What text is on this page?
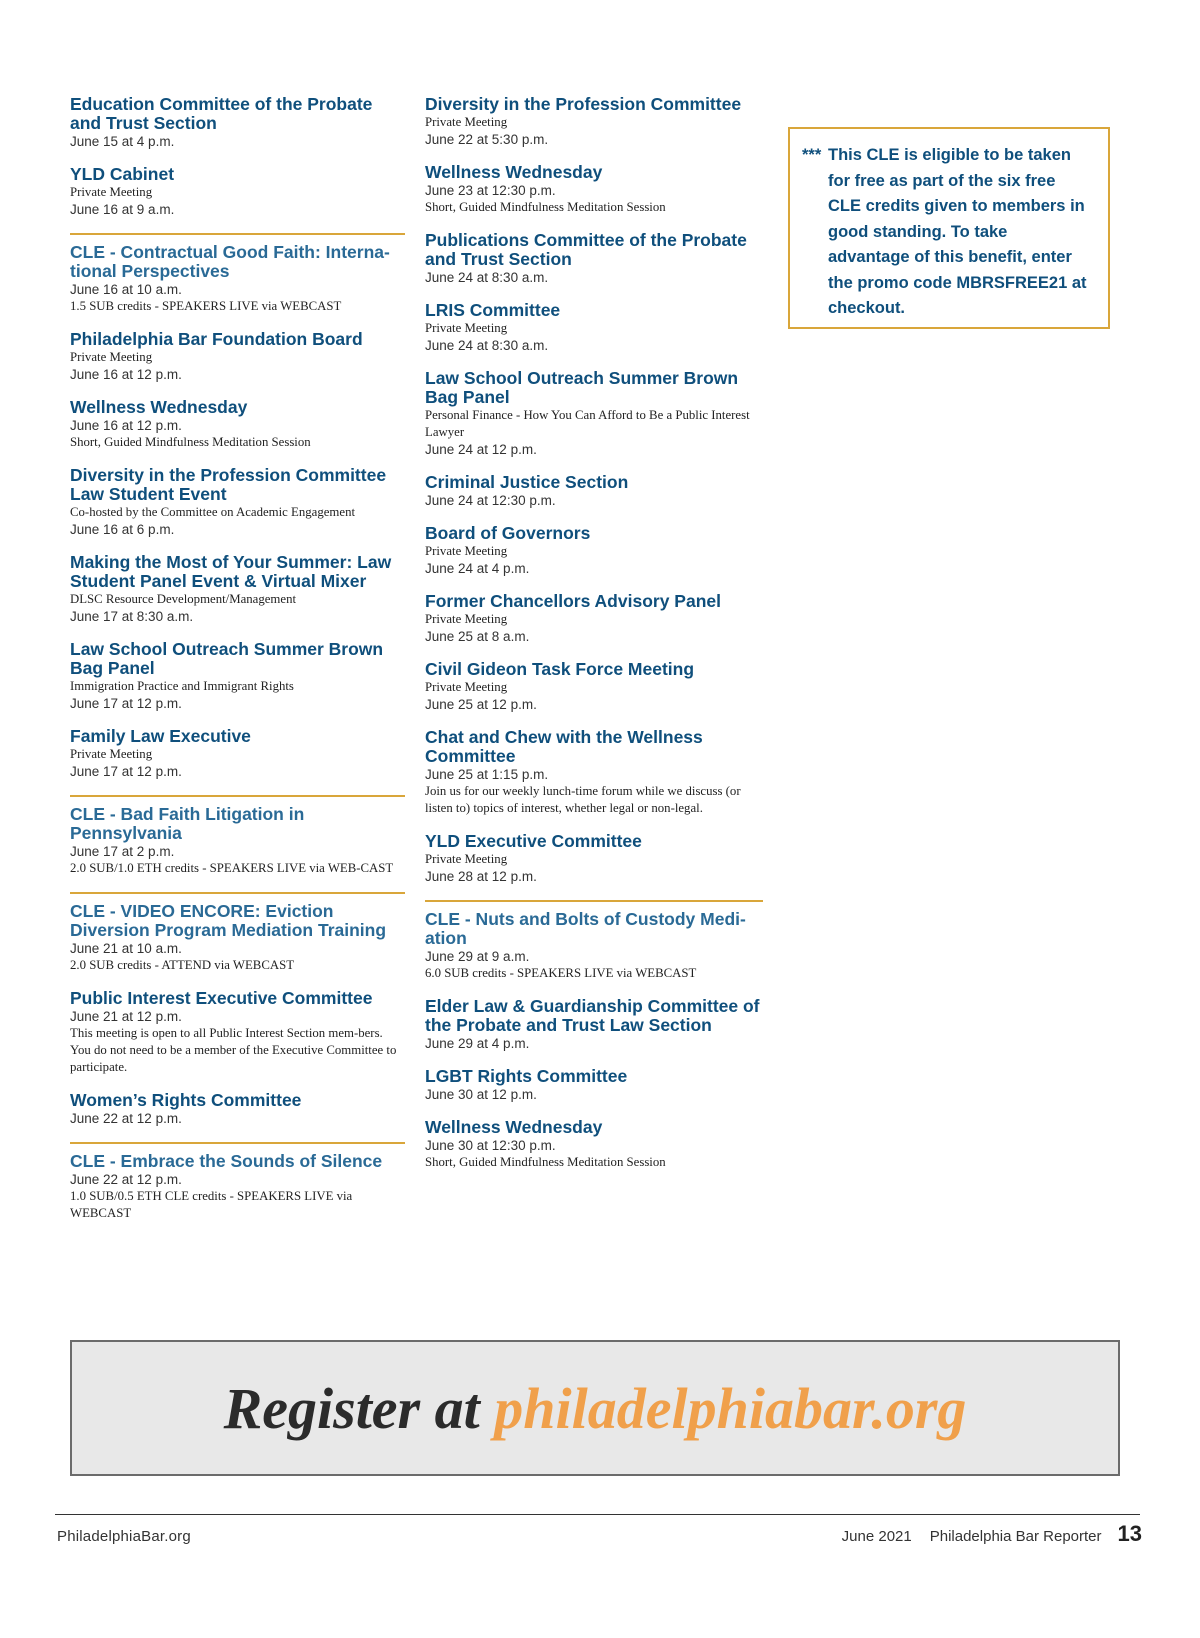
Education Committee of the Probate and Trust Section
June 15 at 4 p.m.
YLD Cabinet
Private Meeting
June 16 at 9 a.m.
CLE - Contractual Good Faith: Interna-tional Perspectives
June 16 at 10 a.m.
1.5 SUB credits - SPEAKERS LIVE via WEBCAST
Philadelphia Bar Foundation Board
Private Meeting
June 16 at 12 p.m.
Wellness Wednesday
June 16 at 12 p.m.
Short, Guided Mindfulness Meditation Session
Diversity in the Profession Committee Law Student Event
Co-hosted by the Committee on Academic Engagement
June 16 at 6 p.m.
Making the Most of Your Summer: Law Student Panel Event & Virtual Mixer
DLSC Resource Development/Management
June 17 at 8:30 a.m.
Law School Outreach Summer Brown Bag Panel
Immigration Practice and Immigrant Rights
June 17 at 12 p.m.
Family Law Executive
Private Meeting
June 17 at 12 p.m.
CLE - Bad Faith Litigation in Pennsylvania
June 17 at 2 p.m.
2.0 SUB/1.0 ETH credits - SPEAKERS LIVE via WEB-CAST
CLE - VIDEO ENCORE: Eviction Diversion Program Mediation Training
June 21 at 10 a.m.
2.0 SUB credits - ATTEND via WEBCAST
Public Interest Executive Committee
June 21 at 12 p.m.
This meeting is open to all Public Interest Section mem-bers. You do not need to be a member of the Executive Committee to participate.
Women’s Rights Committee
June 22 at 12 p.m.
CLE - Embrace the Sounds of Silence
June 22 at 12 p.m.
1.0 SUB/0.5 ETH CLE credits - SPEAKERS LIVE via WEBCAST
Diversity in the Profession Committee
Private Meeting
June 22 at 5:30 p.m.
Wellness Wednesday
June 23 at 12:30 p.m.
Short, Guided Mindfulness Meditation Session
Publications Committee of the Probate and Trust Section
June 24 at 8:30 a.m.
LRIS Committee
Private Meeting
June 24 at 8:30 a.m.
Law School Outreach Summer Brown Bag Panel
Personal Finance - How You Can Afford to Be a Public Interest Lawyer
June 24 at 12 p.m.
Criminal Justice Section
June 24 at 12:30 p.m.
Board of Governors
Private Meeting
June 24 at 4 p.m.
Former Chancellors Advisory Panel
Private Meeting
June 25 at 8 a.m.
Civil Gideon Task Force Meeting
Private Meeting
June 25 at 12 p.m.
Chat and Chew with the Wellness Committee
June 25 at 1:15 p.m.
Join us for our weekly lunch-time forum while we discuss (or listen to) topics of interest, whether legal or non-legal.
YLD Executive Committee
Private Meeting
June 28 at 12 p.m.
CLE - Nuts and Bolts of Custody Medi-ation
June 29 at 9 a.m.
6.0 SUB credits - SPEAKERS LIVE via WEBCAST
Elder Law & Guardianship Committee of the Probate and Trust Law Section
June 29 at 4 p.m.
LGBT Rights Committee
June 30 at 12 p.m.
Wellness Wednesday
June 30 at 12:30 p.m.
Short, Guided Mindfulness Meditation Session
*** This CLE is eligible to be taken for free as part of the six free CLE credits given to members in good standing. To take advantage of this benefit, enter the promo code MBRSFREE21 at checkout.
Register at philadelphiabar.org
PhiladelphiaBar.org	June 2021 Philadelphia Bar Reporter 13
